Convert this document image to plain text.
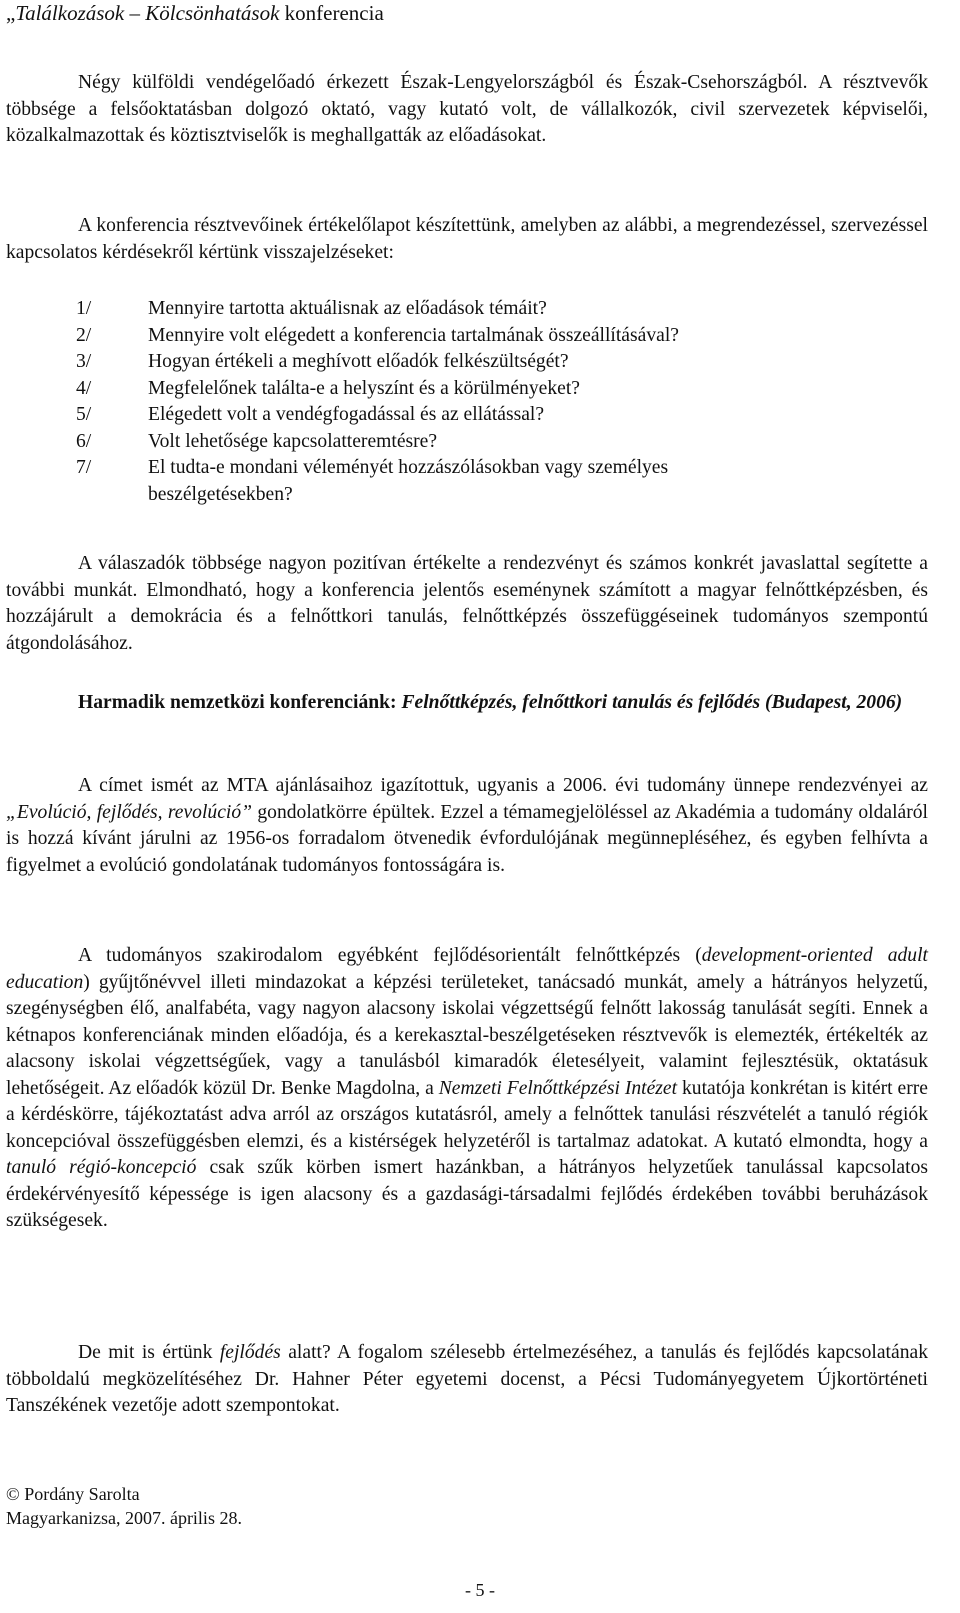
„Találkozások – Kölcsönhatások konferencia

Négy külföldi vendégelőadó érkezett Észak-Lengyelországból és Észak-Csehországból. A résztvevők többsége a felsőoktatásban dolgozó oktató, vagy kutató volt, de vállalkozók, civil szervezetek képviselői, közalkalmazottak és köztisztviselők is meghallgatták az előadásokat.

A konferencia résztvevőinek értékelőlapot készítettünk, amelyben az alábbi, a megrendezéssel, szervezéssel kapcsolatos kérdésekről kértünk visszajelzéseket:

1/	Mennyire tartotta aktuálisnak az előadások témáit?
2/	Mennyire volt elégedett a konferencia tartalmának összeállításával?
3/	Hogyan értékeli a meghívott előadók felkészültségét?
4/	Megfelelőnek találta-e a helyszínt és a körülményeket?
5/	Elégedett volt a vendégfogadással és az ellátással?
6/	Volt lehetősége kapcsolatteremtésre?
7/	El tudta-e mondani véleményét hozzászólásokban vagy személyes beszélgetésekben?

A válaszadók többsége nagyon pozitívan értékelte a rendezvényt és számos konkrét javaslattal segítette a további munkát. Elmondható, hogy a konferencia jelentős eseménynek számított a magyar felnőttképzésben, és hozzájárult a demokrácia és a felnőttkori tanulás, felnőttképzés összefüggéseinek tudományos szempontú átgondolásához.

Harmadik nemzetközi konferenciánk: Felnőttképzés, felnőttkori tanulás és fejlődés (Budapest, 2006)

A címet ismét az MTA ajánlásaihoz igazítottuk, ugyanis a 2006. évi tudomány ünnepe rendezvényei az „Evolúció, fejlődés, revolúció” gondolatkörre épültek. Ezzel a témamegjelöléssel az Akadémia a tudomány oldaláról is hozzá kívánt járulni az 1956-os forradalom ötvenedik évfordulójának megünnepléséhez, és egyben felhívta a figyelmet a evolúció gondolatának tudományos fontosságára is.

A tudományos szakirodalom egyébként fejlődésorientált felnőttképzés (development-oriented adult education) gyűjtőnévvel illeti mindazokat a képzési területeket, tanácsadó munkát, amely a hátrányos helyzetű, szegénységben élő, analfabéta, vagy nagyon alacsony iskolai végzettségű felnőtt lakosság tanulását segíti. Ennek a kétnapos konferenciának minden előadója, és a kerekasztal-beszélgetéseken résztvevők is elemezték, értékelték az alacsony iskolai végzettségűek, vagy a tanulásból kimaradók életesélyeit, valamint fejlesztésük, oktatásuk lehetőségeit. Az előadók közül Dr. Benke Magdolna, a Nemzeti Felnőttképzési Intézet kutatója konkrétan is kitért erre a kérdéskörre, tájékoztatást adva arról az országos kutatásról, amely a felnőttek tanulási részvételét a tanuló régiók koncepcióval összefüggésben elemzi, és a kistérségek helyzetéről is tartalmaz adatokat. A kutató elmondta, hogy a tanuló régió-koncepció csak szűk körben ismert hazánkban, a hátrányos helyzetűek tanulással kapcsolatos érdekérvényesítő képessége is igen alacsony és a gazdasági-társadalmi fejlődés érdekében további beruházások szükségesek.

De mit is értünk fejlődés alatt? A fogalom szélesebb értelmezéséhez, a tanulás és fejlődés kapcsolatának többoldalú megközelítéséhez Dr. Hahner Péter egyetemi docenst, a Pécsi Tudományegyetem Újkortörténeti Tanszékének vezetője adott szempontokat.

© Pordány Sarolta
Magyarkanizsa, 2007. április 28.
- 5 -
